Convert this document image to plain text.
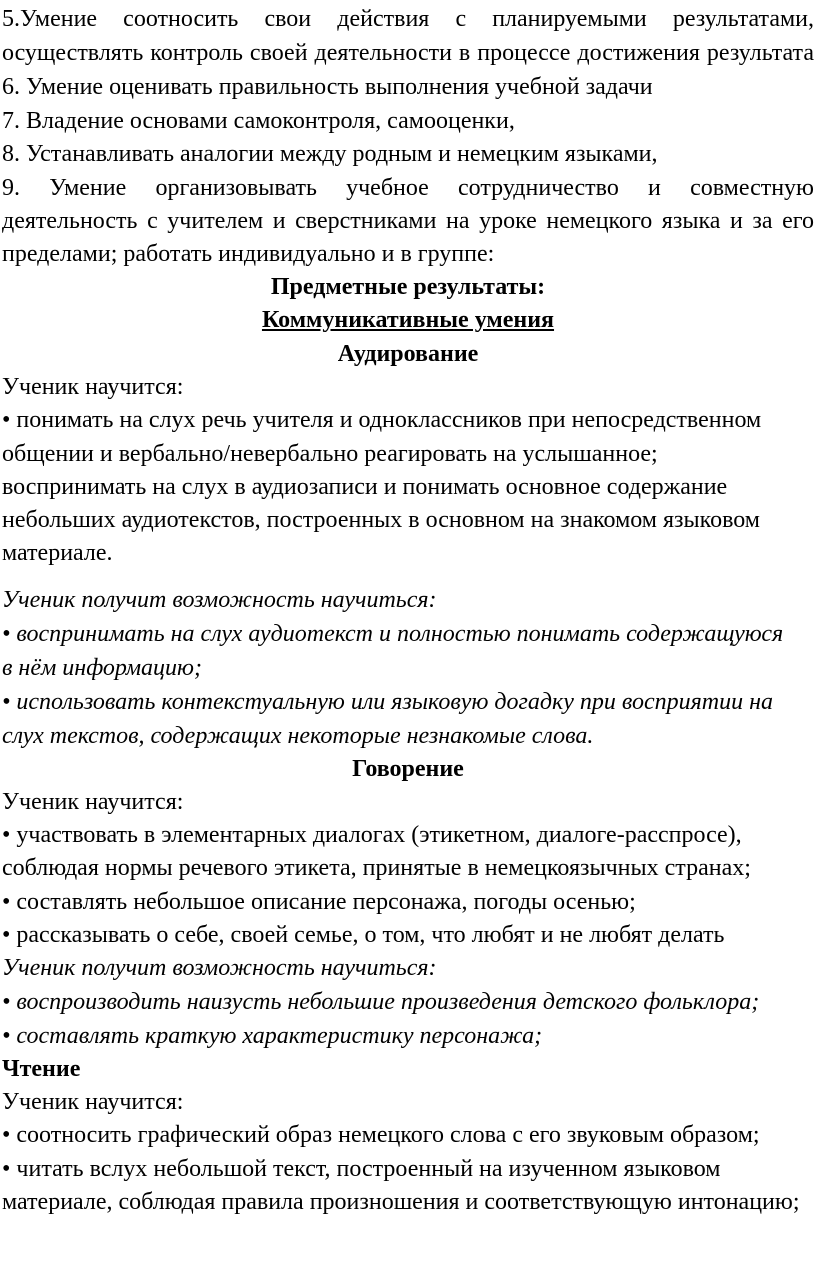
5.Умение соотносить свои действия с планируемыми результатами,
осуществлять контроль своей деятельности в процессе достижения результата
6. Умение оценивать правильность выполнения учебной задачи
7. Владение основами самоконтроля, самооценки,
8. Устанавливать аналогии между родным и немецким языками,
9. Умение организовывать учебное сотрудничество и совместную
деятельность с учителем и сверстниками на уроке немецкого языка и за его
пределами; работать индивидуально и в группе:
Предметные результаты:
Коммуникативные умения
Аудирование
Ученик научится:
• понимать на слух речь учителя и одноклассников при непосредственном
общении и вербально/невербально реагировать на услышанное;
воспринимать на слух в аудиозаписи и понимать основное содержание
небольших аудиотекстов, построенных в основном на знакомом языковом
материале.
Ученик получит возможность научиться:
• воспринимать на слух аудиотекст и полностью понимать содержащуюся
в нём информацию;
• использовать контекстуальную или языковую догадку при восприятии на
слух текстов, содержащих некоторые незнакомые слова.
Говорение
Ученик научится:
• участвовать в элементарных диалогах (этикетном, диалоге-расспросе),
соблюдая нормы речевого этикета, принятые в немецкоязычных странах;
• составлять небольшое описание персонажа, погоды осенью;
• рассказывать о себе, своей семье, о том, что любят и не любят делать
Ученик получит возможность научиться:
• воспроизводить наизусть небольшие произведения детского фольклора;
• составлять краткую характеристику персонажа;
Чтение
Ученик научится:
• соотносить графический образ немецкого слова с его звуковым образом;
• читать вслух небольшой текст, построенный на изученном языковом
материале, соблюдая правила произношения и соответствующую интонацию;
